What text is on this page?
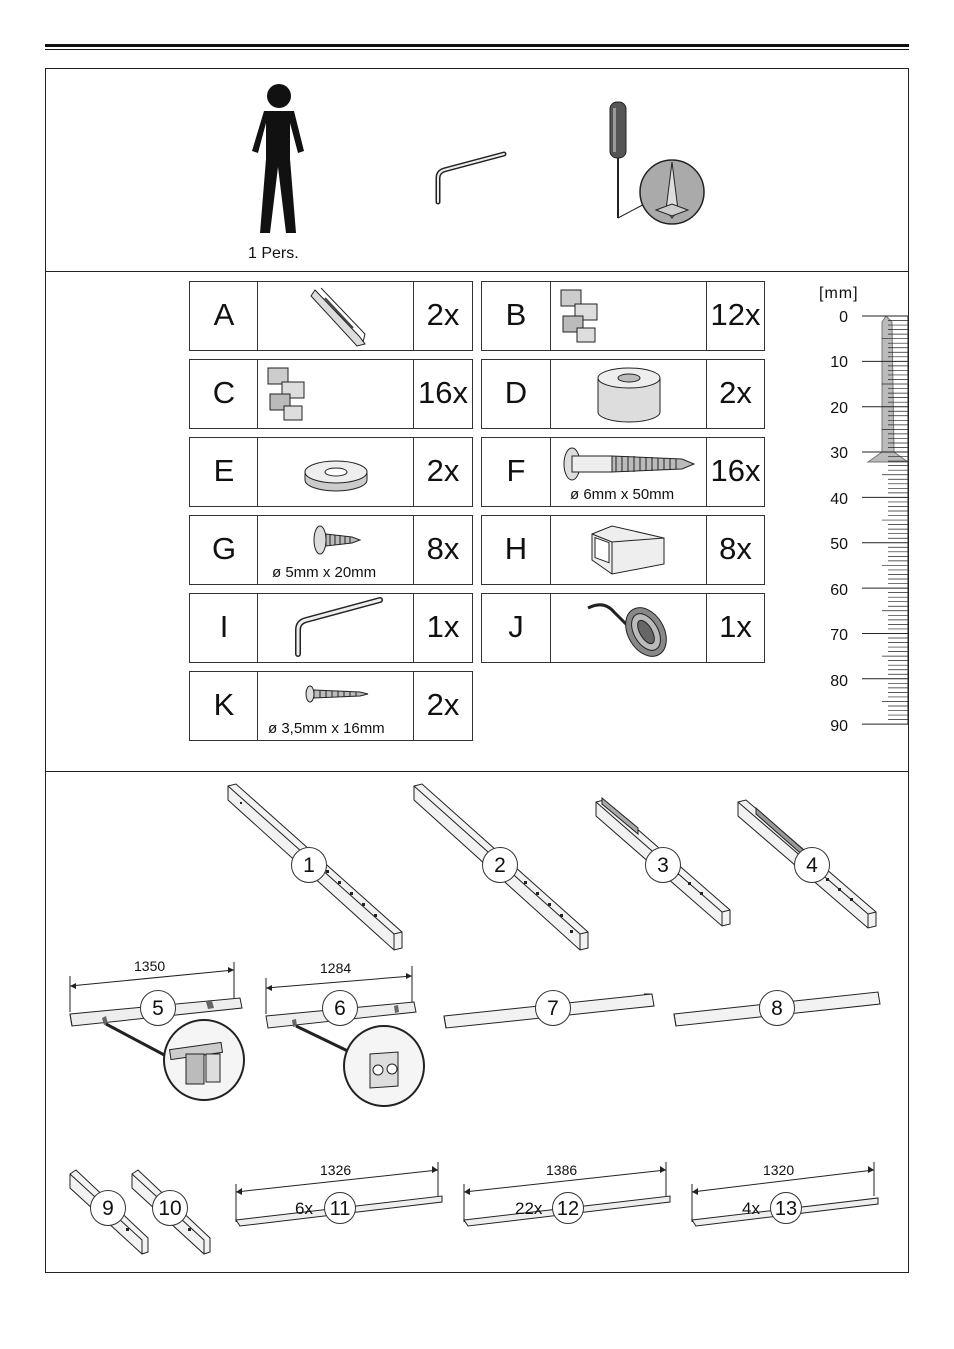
1 Pers.
A	2x	B	12x
C	16x	D	2x
E	2x	F	16x
ø 6mm x 50mm
G	8x
ø 5mm x 20mm
H	8x
I	1x	J	1x
K	2x
ø 3,5mm x 16mm
[mm]
0
10
20
30
40
50
60
70
80
90
1	2	3	4
1350
5
1284
6	7	8
9	10
1326
6x 11
1386
22x 12
1320
4x 13
